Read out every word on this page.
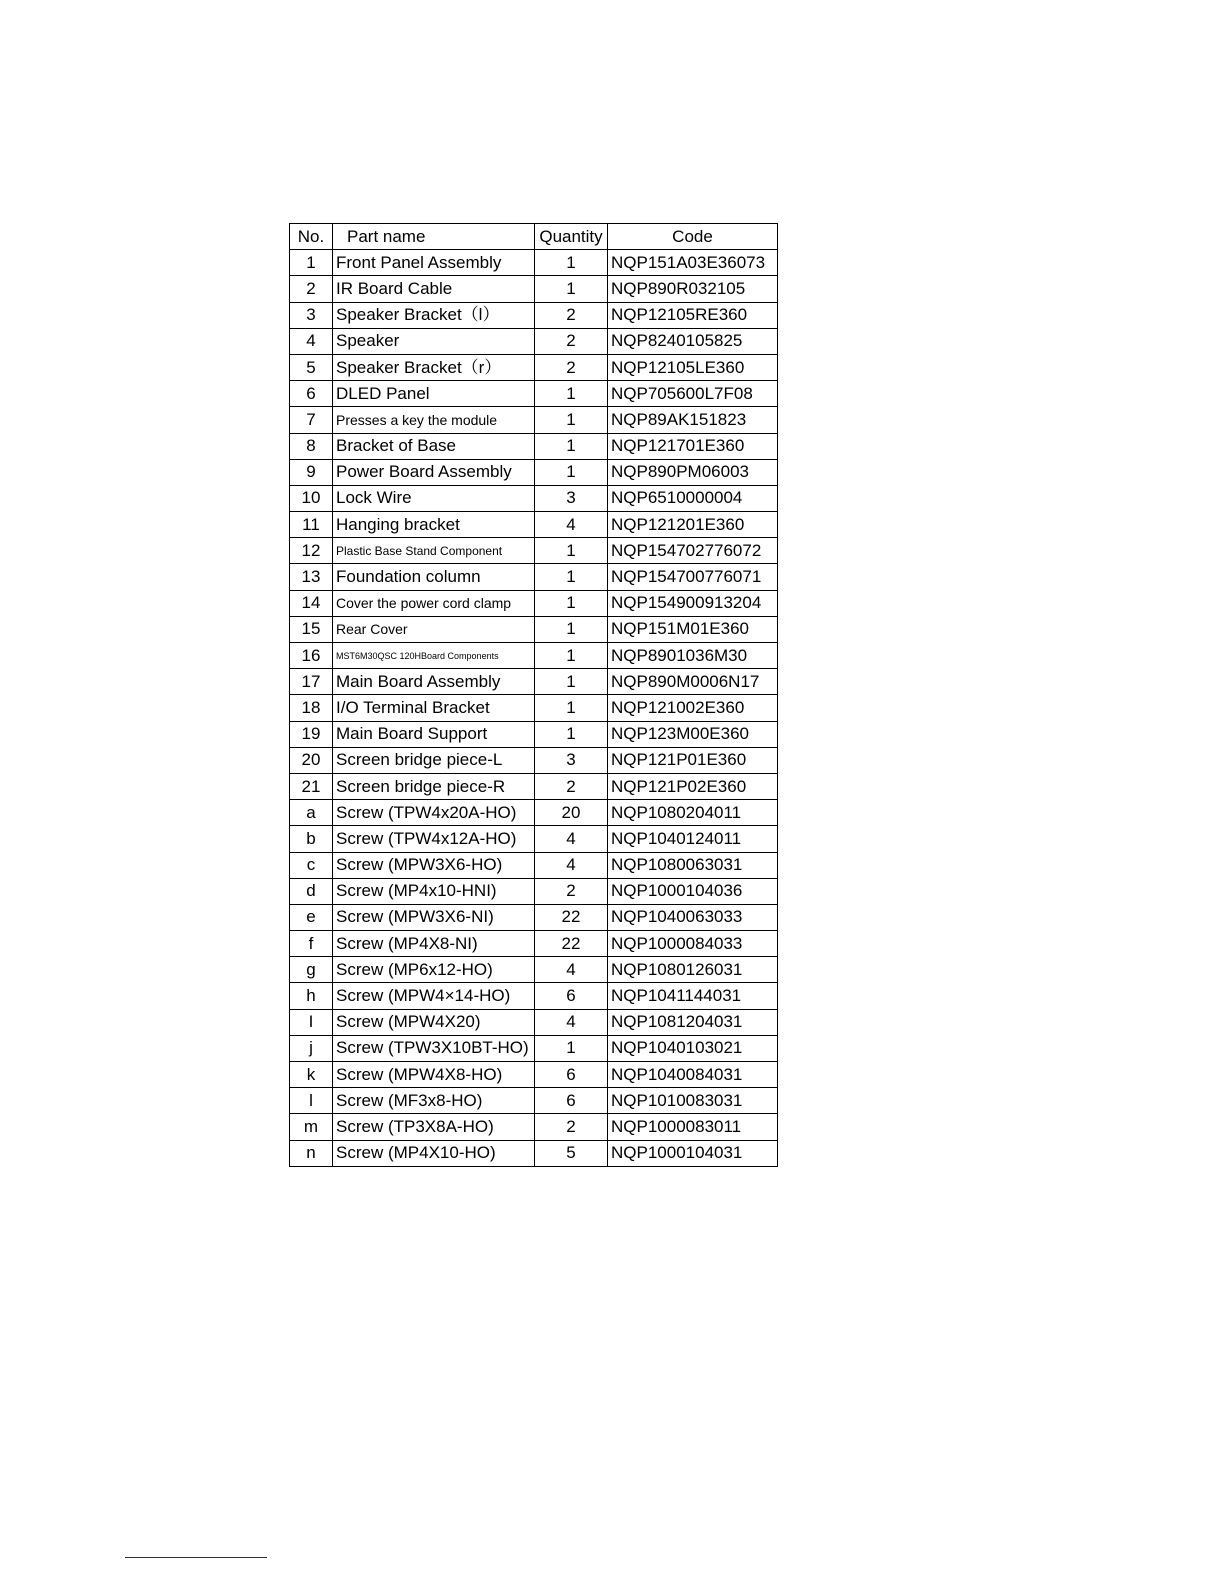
No.	Part name	Quantity	Code
1	Front Panel Assembly	1	NQP151A03E36073
2	IR Board Cable	1	NQP890R032105
3	Speaker Bracket（l）	2	NQP12105RE360
4	Speaker	2	NQP8240105825
5	Speaker Bracket（r）	2	NQP12105LE360
6	DLED Panel	1	NQP705600L7F08
7	Presses a key the module	1	NQP89AK151823
8	Bracket of Base	1	NQP121701E360
9	Power Board Assembly	1	NQP890PM06003
10	Lock Wire	3	NQP6510000004
11	Hanging bracket	4	NQP121201E360
12	Plastic Base Stand Component	1	NQP154702776072
13	Foundation column	1	NQP154700776071
14	Cover the power cord clamp	1	NQP154900913204
15	Rear Cover	1	NQP151M01E360
16	MST6M30QSC 120HBoard Components	1	NQP8901036M30
17	Main Board Assembly	1	NQP890M0006N17
18	I/O Terminal Bracket	1	NQP121002E360
19	Main Board Support	1	NQP123M00E360
20	Screen bridge piece-L	3	NQP121P01E360
21	Screen bridge piece-R	2	NQP121P02E360
a	Screw (TPW4x20A-HO)	20	NQP1080204011
b	Screw (TPW4x12A-HO)	4	NQP1040124011
c	Screw (MPW3X6-HO)	4	NQP1080063031
d	Screw (MP4x10-HNI)	2	NQP1000104036
e	Screw (MPW3X6-NI)	22	NQP1040063033
f	Screw (MP4X8-NI)	22	NQP1000084033
g	Screw (MP6x12-HO)	4	NQP1080126031
h	Screw (MPW4×14-HO)	6	NQP1041144031
I	Screw (MPW4X20)	4	NQP1081204031
j	Screw (TPW3X10BT-HO)	1	NQP1040103021
k	Screw (MPW4X8-HO)	6	NQP1040084031
l	Screw (MF3x8-HO)	6	NQP1010083031
m	Screw (TP3X8A-HO)	2	NQP1000083011
n	Screw (MP4X10-HO)	5	NQP1000104031
